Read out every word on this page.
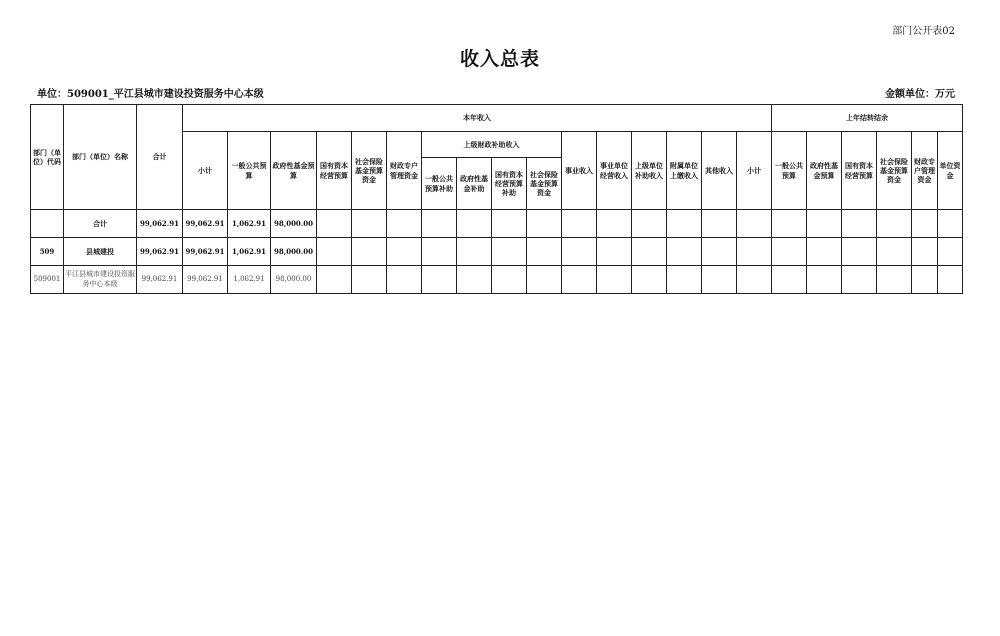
部门公开表02
收入总表
单位：509001_平江县城市建设投资服务中心本级	金额单位：万元
部门（单位）代码	部门（单位）名称	合计	本年收入																上年结转结余					
			小计	一般公共预算	政府性基金预算	国有资本经营预算	社会保险基金预算资金	财政专户管理资金	上级财政补助收入				事业收入	事业单位经营收入	上级单位补助收入	附属单位上缴收入	其他收入	小计	一般公共预算	政府性基金预算	国有资本经营预算	社会保险基金预算资金	财政专户管理资金	单位资金
									一般公共预算补助	政府性基金补助	国有资本经营预算补助	社会保险基金预算资金												
	合计	99,062.91	99,062.91	1,062.91	98,000.00																			
509	县城建投	99,062.91	99,062.91	1,062.91	98,000.00																			
509001	平江县城市建设投资服务中心本级	99,062.91	99,062.91	1,062.91	98,000.00																			
